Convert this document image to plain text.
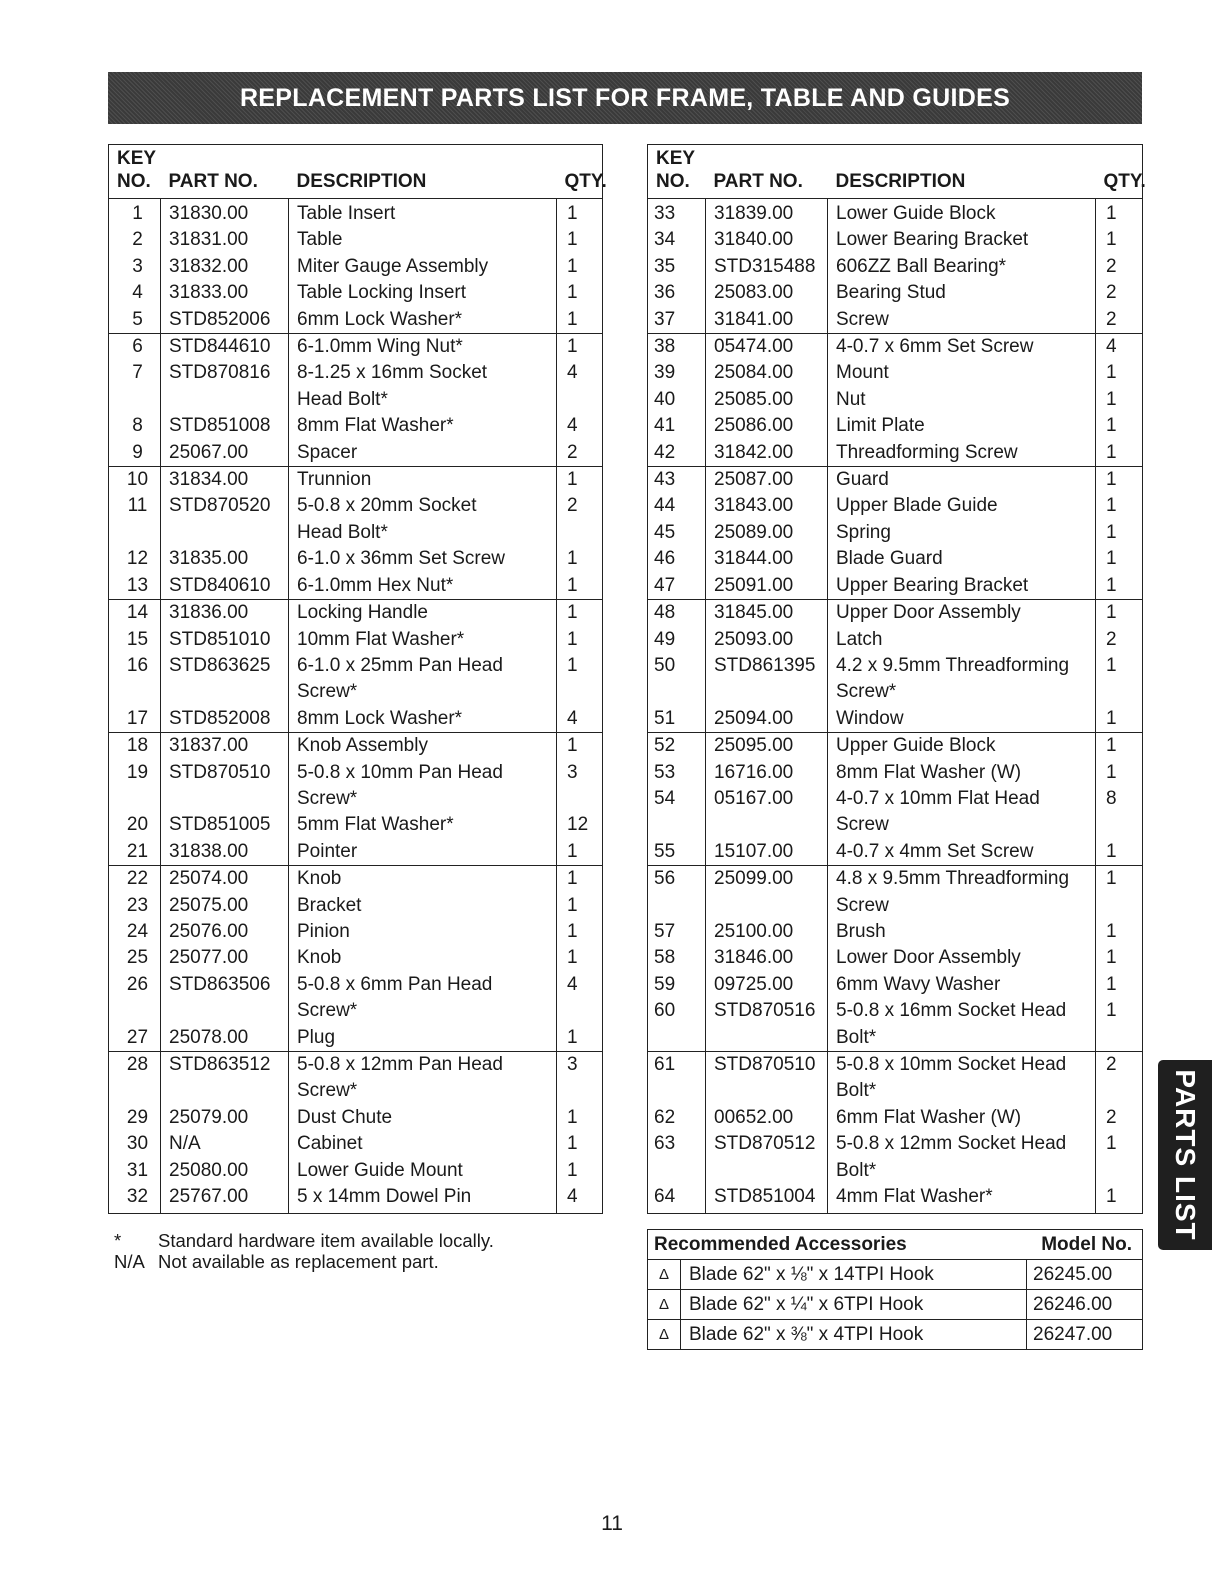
REPLACEMENT PARTS LIST FOR FRAME, TABLE AND GUIDES
KEY			
NO.	PART NO.	DESCRIPTION	QTY.
1	31830.00	Table Insert	1
2	31831.00	Table	1
3	31832.00	Miter Gauge Assembly	1
4	31833.00	Table Locking Insert	1
5	STD852006	6mm Lock Washer*	1
6	STD844610	6-1.0mm Wing Nut*	1
7	STD870816	8-1.25 x 16mm Socket	4
		Head Bolt*	
8	STD851008	8mm Flat Washer*	4
9	25067.00	Spacer	2
10	31834.00	Trunnion	1
11	STD870520	5-0.8 x 20mm Socket	2
		Head Bolt*	
12	31835.00	6-1.0 x 36mm Set Screw	1
13	STD840610	6-1.0mm Hex Nut*	1
14	31836.00	Locking Handle	1
15	STD851010	10mm Flat Washer*	1
16	STD863625	6-1.0 x 25mm Pan Head	1
		Screw*	
17	STD852008	8mm Lock Washer*	4
18	31837.00	Knob Assembly	1
19	STD870510	5-0.8 x 10mm Pan Head	3
		Screw*	
20	STD851005	5mm Flat Washer*	12
21	31838.00	Pointer	1
22	25074.00	Knob	1
23	25075.00	Bracket	1
24	25076.00	Pinion	1
25	25077.00	Knob	1
26	STD863506	5-0.8 x 6mm Pan Head	4
		Screw*	
27	25078.00	Plug	1
28	STD863512	5-0.8 x 12mm Pan Head	3
		Screw*	
29	25079.00	Dust Chute	1
30	N/A	Cabinet	1
31	25080.00	Lower Guide Mount	1
32	25767.00	5 x 14mm Dowel Pin	4
KEY			
NO.	PART NO.	DESCRIPTION	QTY.
33	31839.00	Lower Guide Block	1
34	31840.00	Lower Bearing Bracket	1
35	STD315488	606ZZ Ball Bearing*	2
36	25083.00	Bearing Stud	2
37	31841.00	Screw	2
38	05474.00	4-0.7 x 6mm Set Screw	4
39	25084.00	Mount	1
40	25085.00	Nut	1
41	25086.00	Limit Plate	1
42	31842.00	Threadforming Screw	1
43	25087.00	Guard	1
44	31843.00	Upper Blade Guide	1
45	25089.00	Spring	1
46	31844.00	Blade Guard	1
47	25091.00	Upper Bearing Bracket	1
48	31845.00	Upper Door Assembly	1
49	25093.00	Latch	2
50	STD861395	4.2 x 9.5mm Threadforming	1
		Screw*	
51	25094.00	Window	1
52	25095.00	Upper Guide Block	1
53	16716.00	8mm Flat Washer (W)	1
54	05167.00	4-0.7 x 10mm Flat Head	8
		Screw	
55	15107.00	4-0.7 x 4mm Set Screw	1
56	25099.00	4.8 x 9.5mm Threadforming	1
		Screw	
57	25100.00	Brush	1
58	31846.00	Lower Door Assembly	1
59	09725.00	6mm Wavy Washer	1
60	STD870516	5-0.8 x 16mm Socket Head	1
		Bolt*	
61	STD870510	5-0.8 x 10mm Socket Head	2
		Bolt*	
62	00652.00	6mm Flat Washer (W)	2
63	STD870512	5-0.8 x 12mm Socket Head	1
		Bolt*	
64	STD851004	4mm Flat Washer*	1
*	Standard hardware item available locally.
N/A Not available as replacement part.
Recommended Accessories		Model No.
Δ	Blade 62" x ⅛" x 14TPI Hook	26245.00
Δ	Blade 62" x ¼" x 6TPI Hook	26246.00
Δ	Blade 62" x ⅜" x 4TPI Hook	26247.00
PARTS LIST
11
